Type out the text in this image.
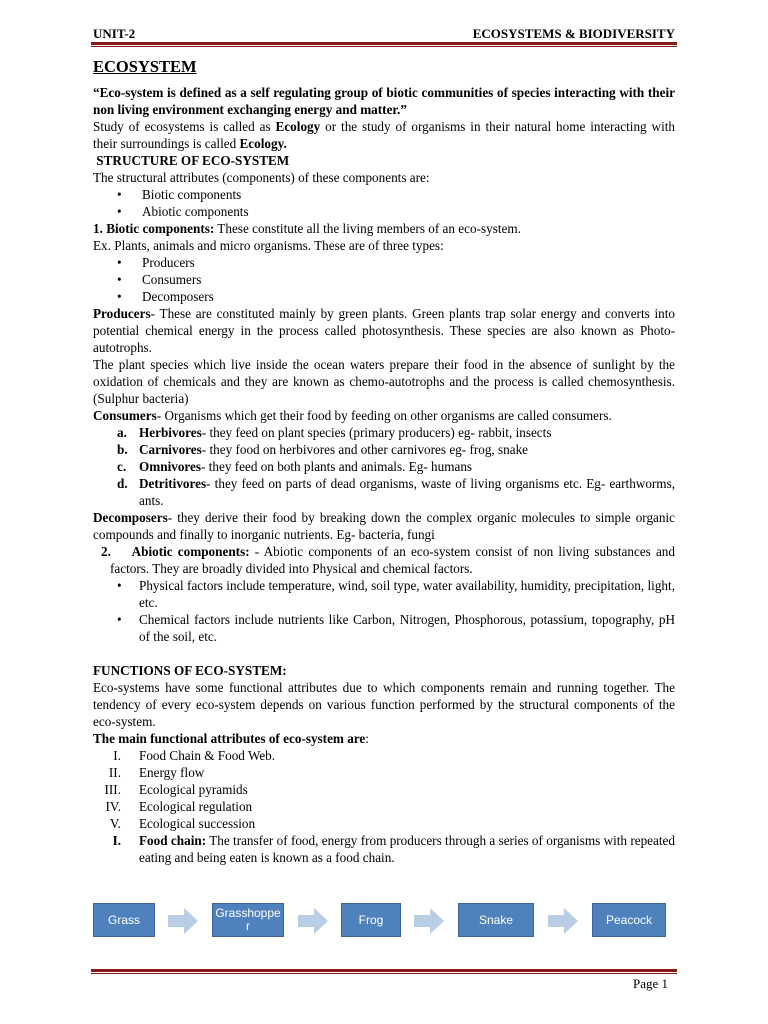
UNIT-2	ECOSYSTEMS & BIODIVERSITY
ECOSYSTEM

“Eco-system is defined as a self regulating group of biotic communities of species interacting with their non living environment exchanging energy and matter.”

Study of ecosystems is called as Ecology or the study of organisms in their natural home interacting with their surroundings is called Ecology.

STRUCTURE OF ECO-SYSTEM

The structural attributes (components) of these components are:

• Biotic components
• Abiotic components

1. Biotic components: These constitute all the living members of an eco-system.

Ex. Plants, animals and micro organisms. These are of three types:

• Producers
• Consumers
• Decomposers

Producers- These are constituted mainly by green plants. Green plants trap solar energy and converts into potential chemical energy in the process called photosynthesis. These species are also known as Photo- autotrophs.

The plant species which live inside the ocean waters prepare their food in the absence of sunlight by the oxidation of chemicals and they are known as chemo-autotrophs and the process is called chemosynthesis. (Sulphur bacteria)

Consumers- Organisms which get their food by feeding on other organisms are called consumers.

a. Herbivores- they feed on plant species (primary producers) eg- rabbit, insects
b. Carnivores- they food on herbivores and other carnivores eg- frog, snake
c. Omnivores- they feed on both plants and animals. Eg- humans
d. Detritivores- they feed on parts of dead organisms, waste of living organisms etc. Eg- earthworms, ants.

Decomposers- they derive their food by breaking down the complex organic molecules to simple organic compounds and finally to inorganic nutrients. Eg- bacteria, fungi

2. Abiotic components: - Abiotic components of an eco-system consist of non living substances and factors. They are broadly divided into Physical and chemical factors.

• Physical factors include temperature, wind, soil type, water availability, humidity, precipitation, light, etc.
• Chemical factors include nutrients like Carbon, Nitrogen, Phosphorous, potassium, topography, pH of the soil, etc.

FUNCTIONS OF ECO-SYSTEM:

Eco-systems have some functional attributes due to which components remain and running together. The tendency of every eco-system depends on various function performed by the structural components of the eco-system.

The main functional attributes of eco-system are:

I. Food Chain & Food Web.
II. Energy flow
III. Ecological pyramids
IV. Ecological regulation
V. Ecological succession
I. Food chain: The transfer of food, energy from producers through a series of organisms with repeated eating and being eaten is known as a food chain.
Grass	Grasshopper	Frog	Snake	Peacock
Page 1
